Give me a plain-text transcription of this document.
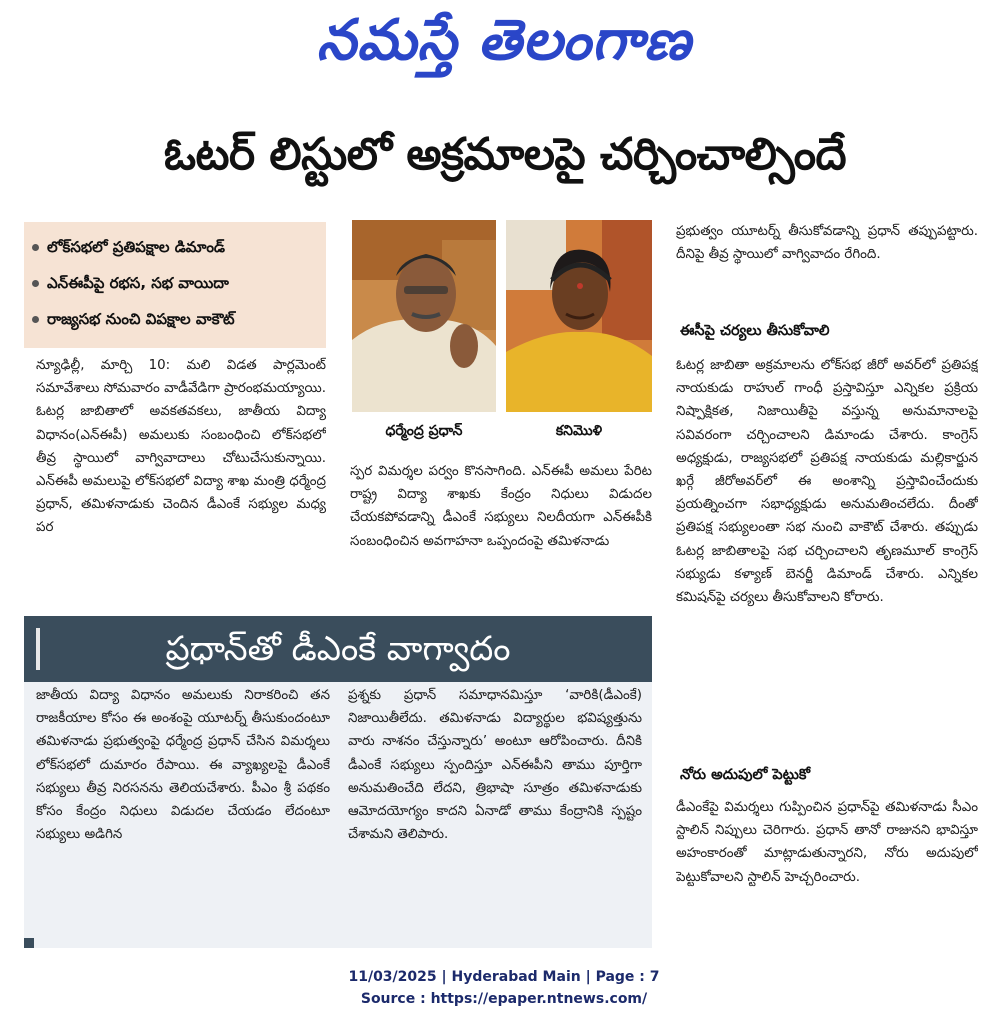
నమస్తే తెలంగాణ
ఓటర్ లిస్టులో అక్రమాలపై చర్చించాల్సిందే
లోక్‌సభలో ప్రతిపక్షాల డిమాండ్
ఎన్‌ఈపీపై రభస, సభ వాయిదా
రాజ్యసభ నుంచి విపక్షాల వాకౌట్
న్యూఢిల్లీ, మార్చి 10: మలి విడత పార్లమెంట్ సమావేశాలు సోమవారం వాడీవేడిగా ప్రారంభమయ్యాయి. ఓటర్ల జాబితాలో అవకతవకలు, జాతీయ విద్యా విధానం(ఎన్‌ఈపీ) అమలుకు సంబంధించి లోక్‌సభలో తీవ్ర స్థాయిలో వాగ్వివాదాలు చోటుచేసుకున్నాయి. ఎన్‌ఈపీ అమలుపై లోక్‌సభలో విద్యా శాఖ మంత్రి ధర్మేంద్ర ప్రధాన్, తమిళనాడుకు చెందిన డీఎంకే సభ్యుల మధ్య పర
ధర్మేంద్ర ప్రధాన్	కనిమొళి
స్పర విమర్శల పర్వం కొనసాగింది. ఎన్‌ఈపీ అమలు పేరిట రాష్ట్ర విద్యా శాఖకు కేంద్రం నిధులు విడుదల చేయకపోవడాన్ని డీఎంకే సభ్యులు నిలదీయగా ఎన్‌ఈపీకి సంబంధించిన అవగాహనా ఒప్పందంపై తమిళనాడు
ప్రభుత్వం యూటర్న్ తీసుకోవడాన్ని ప్రధాన్ తప్పుపట్టారు. దీనిపై తీవ్ర స్థాయిలో వాగ్వివాదం రేగింది.
ఈసీపై చర్యలు తీసుకోవాలి
ఓటర్ల జాబితా అక్రమాలను లోక్‌సభ జీరో అవర్‌లో ప్రతిపక్ష నాయకుడు రాహుల్ గాంధీ ప్రస్తావిస్తూ ఎన్నికల ప్రక్రియ నిష్పాక్షికత, నిజాయితీపై వస్తున్న అనుమానాలపై సవివరంగా చర్చించాలని డిమాండు చేశారు. కాంగ్రెస్ అధ్యక్షుడు, రాజ్యసభలో ప్రతిపక్ష నాయకుడు మల్లికార్జున ఖర్గే జీరోఅవర్‌లో ఈ అంశాన్ని ప్రస్తావించేందుకు ప్రయత్నించగా సభాధ్యక్షుడు అనుమతించలేదు. దీంతో ప్రతిపక్ష సభ్యులంతా సభ నుంచి వాకౌట్ చేశారు. తప్పుడు ఓటర్ల జాబితాలపై సభ చర్చించాలని తృణమూల్ కాంగ్రెస్ సభ్యుడు కళ్యాణ్ బెనర్జీ డిమాండ్ చేశారు. ఎన్నికల కమిషన్‌పై చర్యలు తీసుకోవాలని కోరారు.
నోరు అదుపులో పెట్టుకో
డీఎంకేపై విమర్శలు గుప్పించిన ప్రధాన్‌పై తమిళనాడు సీఎం స్టాలిన్ నిప్పులు చెరిగారు. ప్రధాన్ తానో రాజునని భావిస్తూ అహంకారంతో మాట్లాడుతున్నారని, నోరు అదుపులో పెట్టుకోవాలని స్టాలిన్ హెచ్చరించారు.
ప్రధాన్‌తో డీఎంకే వాగ్వాదం
జాతీయ విద్యా విధానం అమలుకు నిరాకరించి తన రాజకీయాల కోసం ఈ అంశంపై యూటర్న్ తీసుకుందంటూ తమిళనాడు ప్రభుత్వంపై ధర్మేంద్ర ప్రధాన్ చేసిన విమర్శలు లోక్‌సభలో దుమారం రేపాయి. ఈ వ్యాఖ్యలపై డీఎంకే సభ్యులు తీవ్ర నిరసనను తెలియచేశారు. పీఎం శ్రీ పథకం కోసం కేంద్రం నిధులు విడుదల చేయడం లేదంటూ సభ్యులు అడిగిన
ప్రశ్నకు ప్రధాన్ సమాధానమిస్తూ ‘వారికి(డీఎంకే) నిజాయితీలేదు. తమిళనాడు విద్యార్థుల భవిష్యత్తును వారు నాశనం చేస్తున్నారు’ అంటూ ఆరోపించారు. దీనికి డీఎంకే సభ్యులు స్పందిస్తూ ఎన్‌ఈపీని తాము పూర్తిగా అనుమతించేది లేదని, త్రిభాషా సూత్రం తమిళనాడుకు ఆమోదయోగ్యం కాదని ఏనాడో తాము కేంద్రానికి స్పష్టం చేశామని తెలిపారు.
11/03/2025 | Hyderabad Main | Page : 7
Source : https://epaper.ntnews.com/
